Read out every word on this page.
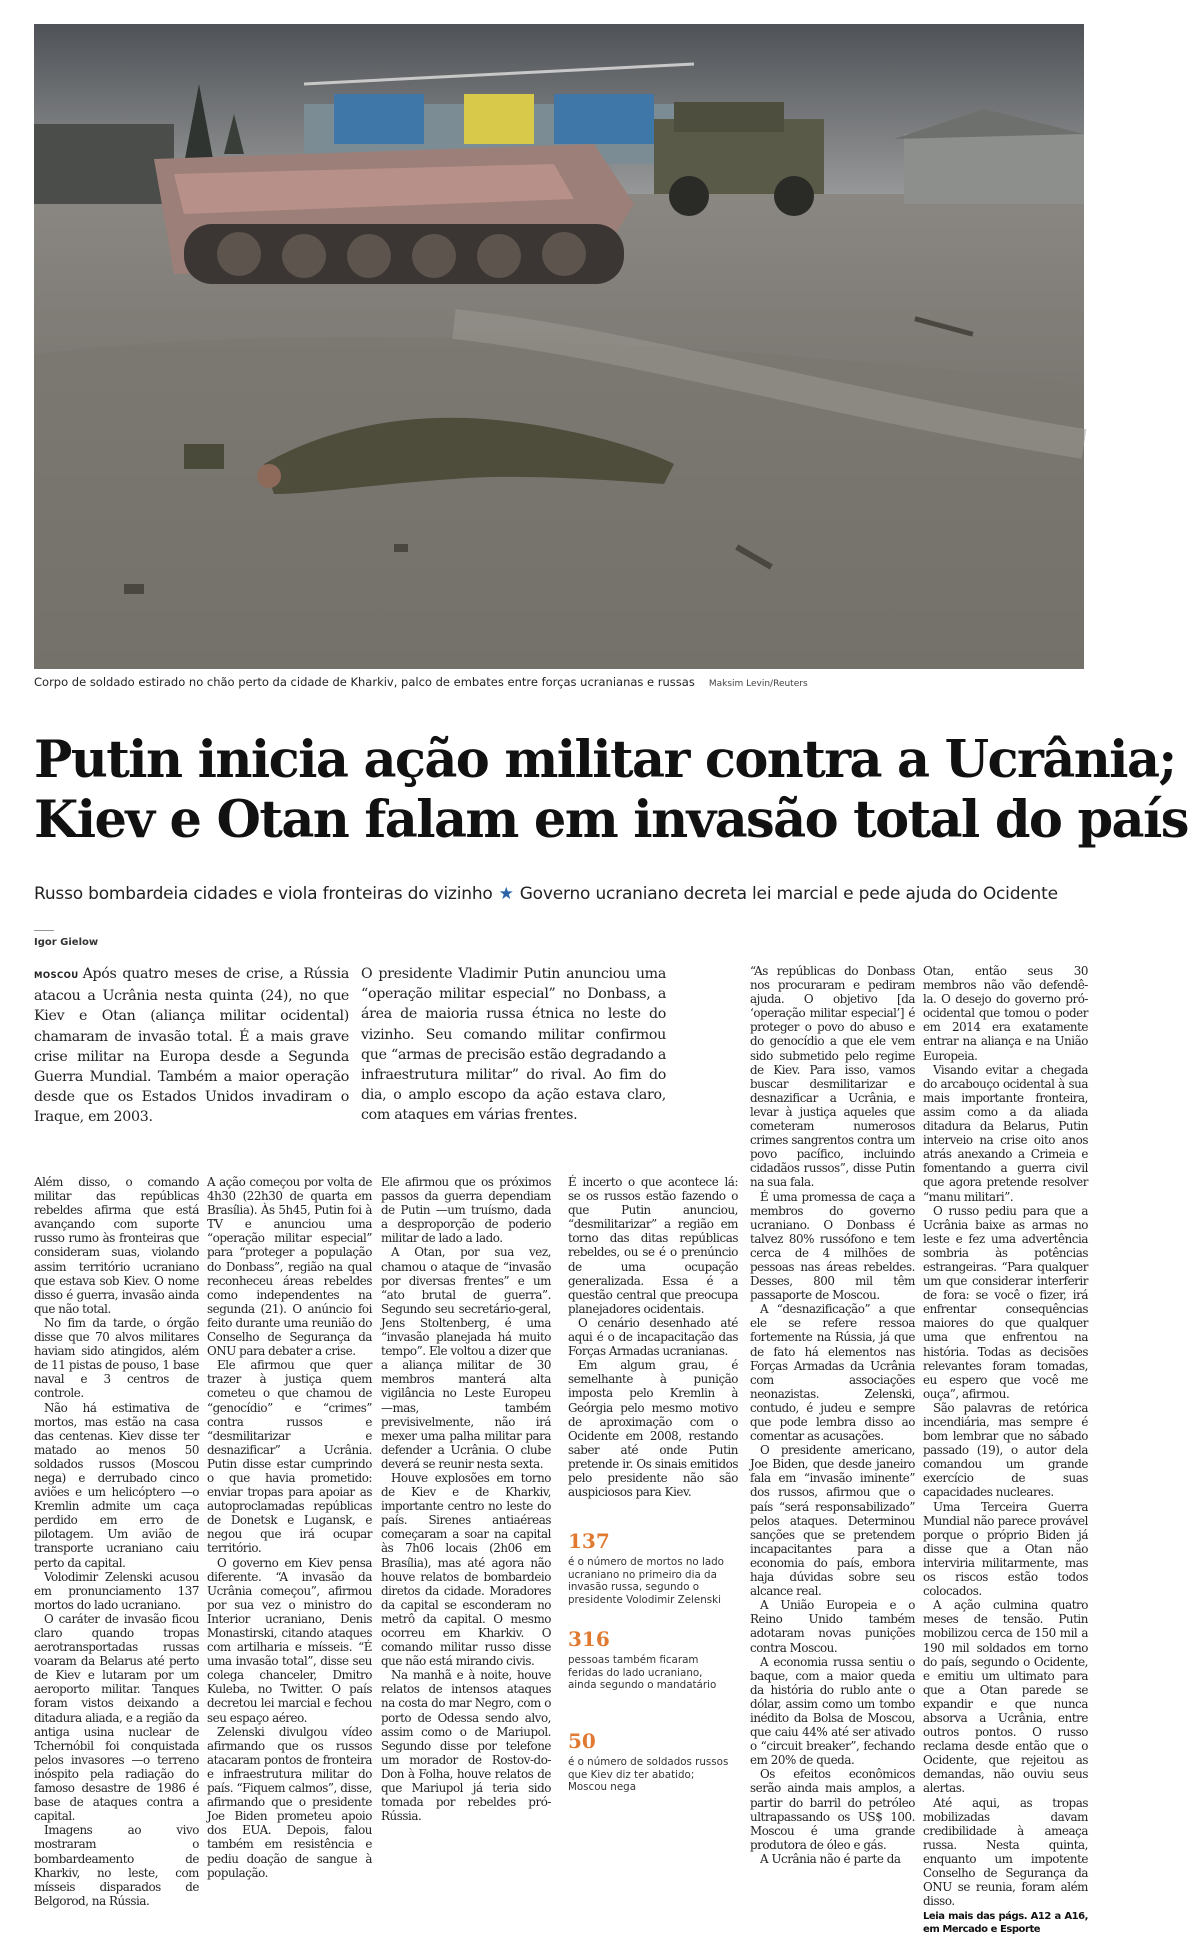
Corpo de soldado estirado no chão perto da cidade de Kharkiv, palco de embates entre forças ucranianas e russas Maksim Levin/Reuters
Putin inicia ação militar contra a Ucrânia;
Kiev e Otan falam em invasão total do país
Russo bombardeia cidades e viola fronteiras do vizinho ★ Governo ucraniano decreta lei marcial e pede ajuda do Ocidente
Igor Gielow
MOSCOU Após quatro meses de crise, a Rússia atacou a Ucrânia nesta quinta (24), no que Kiev e Otan (aliança militar ocidental) chamaram de invasão total. É a mais grave crise militar na Europa desde a Segunda Guerra Mundial. Também a maior operação desde que os Estados Unidos invadiram o Iraque, em 2003.
O presidente Vladimir Putin anunciou uma “operação militar especial” no Donbass, a área de maioria russa étnica no leste do vizinho. Seu comando militar confirmou que “armas de precisão estão degradando a infraestrutura militar” do rival. Ao fim do dia, o amplo escopo da ação estava claro, com ataques em várias frentes.

Além disso, o comando militar das repúblicas rebeldes afirma que está avançando com suporte russo rumo às fronteiras que consideram suas, violando assim território ucraniano que estava sob Kiev. O nome disso é guerra, invasão ainda que não total.

No fim da tarde, o órgão disse que 70 alvos militares haviam sido atingidos, além de 11 pistas de pouso, 1 base naval e 3 centros de controle.

Não há estimativa de mortos, mas estão na casa das centenas. Kiev disse ter matado ao menos 50 soldados russos (Moscou nega) e derrubado cinco aviões e um helicóptero —o Kremlin admite um caça perdido em erro de pilotagem. Um avião de transporte ucraniano caiu perto da capital.

Volodimir Zelenski acusou em pronunciamento 137 mortos do lado ucraniano.

O caráter de invasão ficou claro quando tropas aerotransportadas russas voaram da Belarus até perto de Kiev e lutaram por um aeroporto militar. Tanques foram vistos deixando a ditadura aliada, e a região da antiga usina nuclear de Tchernóbil foi conquistada pelos invasores —o terreno inóspito pela radiação do famoso desastre de 1986 é base de ataques contra a capital.

Imagens ao vivo mostraram o bombardeamento de Kharkiv, no leste, com mísseis disparados de Belgorod, na Rússia.

A ação começou por volta de 4h30 (22h30 de quarta em Brasília). Às 5h45, Putin foi à TV e anunciou uma “operação militar especial” para “proteger a população do Donbass”, região na qual reconheceu áreas rebeldes como independentes na segunda (21). O anúncio foi feito durante uma reunião do Conselho de Segurança da ONU para debater a crise.

Ele afirmou que quer trazer à justiça quem cometeu o que chamou de “genocídio” e “crimes” contra russos e “desmilitarizar e desnazificar” a Ucrânia. Putin disse estar cumprindo o que havia prometido: enviar tropas para apoiar as autoproclamadas repúblicas de Donetsk e Lugansk, e negou que irá ocupar território.

O governo em Kiev pensa diferente. “A invasão da Ucrânia começou”, afirmou por sua vez o ministro do Interior ucraniano, Denis Monastirski, citando ataques com artilharia e mísseis. “É uma invasão total”, disse seu colega chanceler, Dmitro Kuleba, no Twitter. O país decretou lei marcial e fechou seu espaço aéreo.

Zelenski divulgou vídeo afirmando que os russos atacaram pontos de fronteira e infraestrutura militar do país. “Fiquem calmos”, disse, afirmando que o presidente Joe Biden prometeu apoio dos EUA. Depois, falou também em resistência e pediu doação de sangue à população.

Ele afirmou que os próximos passos da guerra dependiam de Putin —um truísmo, dada a desproporção de poderio militar de lado a lado.

A Otan, por sua vez, chamou o ataque de “invasão por diversas frentes” e um “ato brutal de guerra”. Segundo seu secretário-geral, Jens Stoltenberg, é uma “invasão planejada há muito tempo”. Ele voltou a dizer que a aliança militar de 30 membros manterá alta vigilância no Leste Europeu —mas, também previsivelmente, não irá mexer uma palha militar para defender a Ucrânia. O clube deverá se reunir nesta sexta.

Houve explosões em torno de Kiev e de Kharkiv, importante centro no leste do país. Sirenes antiaéreas começaram a soar na capital às 7h06 locais (2h06 em Brasília), mas até agora não houve relatos de bombardeio diretos da cidade. Moradores da capital se esconderam no metrô da capital. O mesmo ocorreu em Kharkiv. O comando militar russo disse que não está mirando civis.

Na manhã e à noite, houve relatos de intensos ataques na costa do mar Negro, com o porto de Odessa sendo alvo, assim como o de Mariupol. Segundo disse por telefone um morador de Rostov-do-Don à Folha, houve relatos de que Mariupol já teria sido tomada por rebeldes pró-Rússia.

É incerto o que acontece lá: se os russos estão fazendo o que Putin anunciou, “desmilitarizar” a região em torno das ditas repúblicas rebeldes, ou se é o prenúncio de uma ocupação generalizada. Essa é a questão central que preocupa planejadores ocidentais.

O cenário desenhado até aqui é o de incapacitação das Forças Armadas ucranianas.

Em algum grau, é semelhante à punição imposta pelo Kremlin à Geórgia pelo mesmo motivo de aproximação com o Ocidente em 2008, restando saber até onde Putin pretende ir. Os sinais emitidos pelo presidente não são auspiciosos para Kiev.

137
é o número de mortos no lado ucraniano no primeiro dia da invasão russa, segundo o presidente Volodimir Zelenski
316
pessoas também ficaram feridas do lado ucraniano, ainda segundo o mandatário
50
é o número de soldados russos que Kiev diz ter abatido; Moscou nega

“As repúblicas do Donbass nos procuraram e pediram ajuda. O objetivo [da ‘operação militar especial’] é proteger o povo do abuso e do genocídio a que ele vem sido submetido pelo regime de Kiev. Para isso, vamos buscar desmilitarizar e desnazificar a Ucrânia, e levar à justiça aqueles que cometeram numerosos crimes sangrentos contra um povo pacífico, incluindo cidadãos russos”, disse Putin na sua fala.

É uma promessa de caça a membros do governo ucraniano. O Donbass é talvez 80% russófono e tem cerca de 4 milhões de pessoas nas áreas rebeldes. Desses, 800 mil têm passaporte de Moscou.

A “desnazificação” a que ele se refere ressoa fortemente na Rússia, já que de fato há elementos nas Forças Armadas da Ucrânia com associações neonazistas. Zelenski, contudo, é judeu e sempre que pode lembra disso ao comentar as acusações.

O presidente americano, Joe Biden, que desde janeiro fala em “invasão iminente” dos russos, afirmou que o país “será responsabilizado” pelos ataques. Determinou sanções que se pretendem incapacitantes para a economia do país, embora haja dúvidas sobre seu alcance real.

A União Europeia e o Reino Unido também adotaram novas punições contra Moscou.

A economia russa sentiu o baque, com a maior queda da história do rublo ante o dólar, assim como um tombo inédito da Bolsa de Moscou, que caiu 44% até ser ativado o “circuit breaker”, fechando em 20% de queda.

Os efeitos econômicos serão ainda mais amplos, a partir do barril do petróleo ultrapassando os US$ 100. Moscou é uma grande produtora de óleo e gás.

A Ucrânia não é parte da

Otan, então seus 30 membros não vão defendê-la. O desejo do governo pró-ocidental que tomou o poder em 2014 era exatamente entrar na aliança e na União Europeia.

Visando evitar a chegada do arcabouço ocidental à sua mais importante fronteira, assim como a da aliada ditadura da Belarus, Putin interveio na crise oito anos atrás anexando a Crimeia e fomentando a guerra civil que agora pretende resolver “manu militari”.

O russo pediu para que a Ucrânia baixe as armas no leste e fez uma advertência sombria às potências estrangeiras. “Para qualquer um que considerar interferir de fora: se você o fizer, irá enfrentar consequências maiores do que qualquer uma que enfrentou na história. Todas as decisões relevantes foram tomadas, eu espero que você me ouça”, afirmou.

São palavras de retórica incendiária, mas sempre é bom lembrar que no sábado passado (19), o autor dela comandou um grande exercício de suas capacidades nucleares.

Uma Terceira Guerra Mundial não parece provável porque o próprio Biden já disse que a Otan não interviria militarmente, mas os riscos estão todos colocados.

A ação culmina quatro meses de tensão. Putin mobilizou cerca de 150 mil a 190 mil soldados em torno do país, segundo o Ocidente, e emitiu um ultimato para que a Otan parede se expandir e que nunca absorva a Ucrânia, entre outros pontos. O russo reclama desde então que o Ocidente, que rejeitou as demandas, não ouviu seus alertas.

Até aqui, as tropas mobilizadas davam credibilidade à ameaça russa. Nesta quinta, enquanto um impotente Conselho de Segurança da ONU se reunia, foram além disso.

Leia mais das págs. A12 a A16, em Mercado e Esporte
